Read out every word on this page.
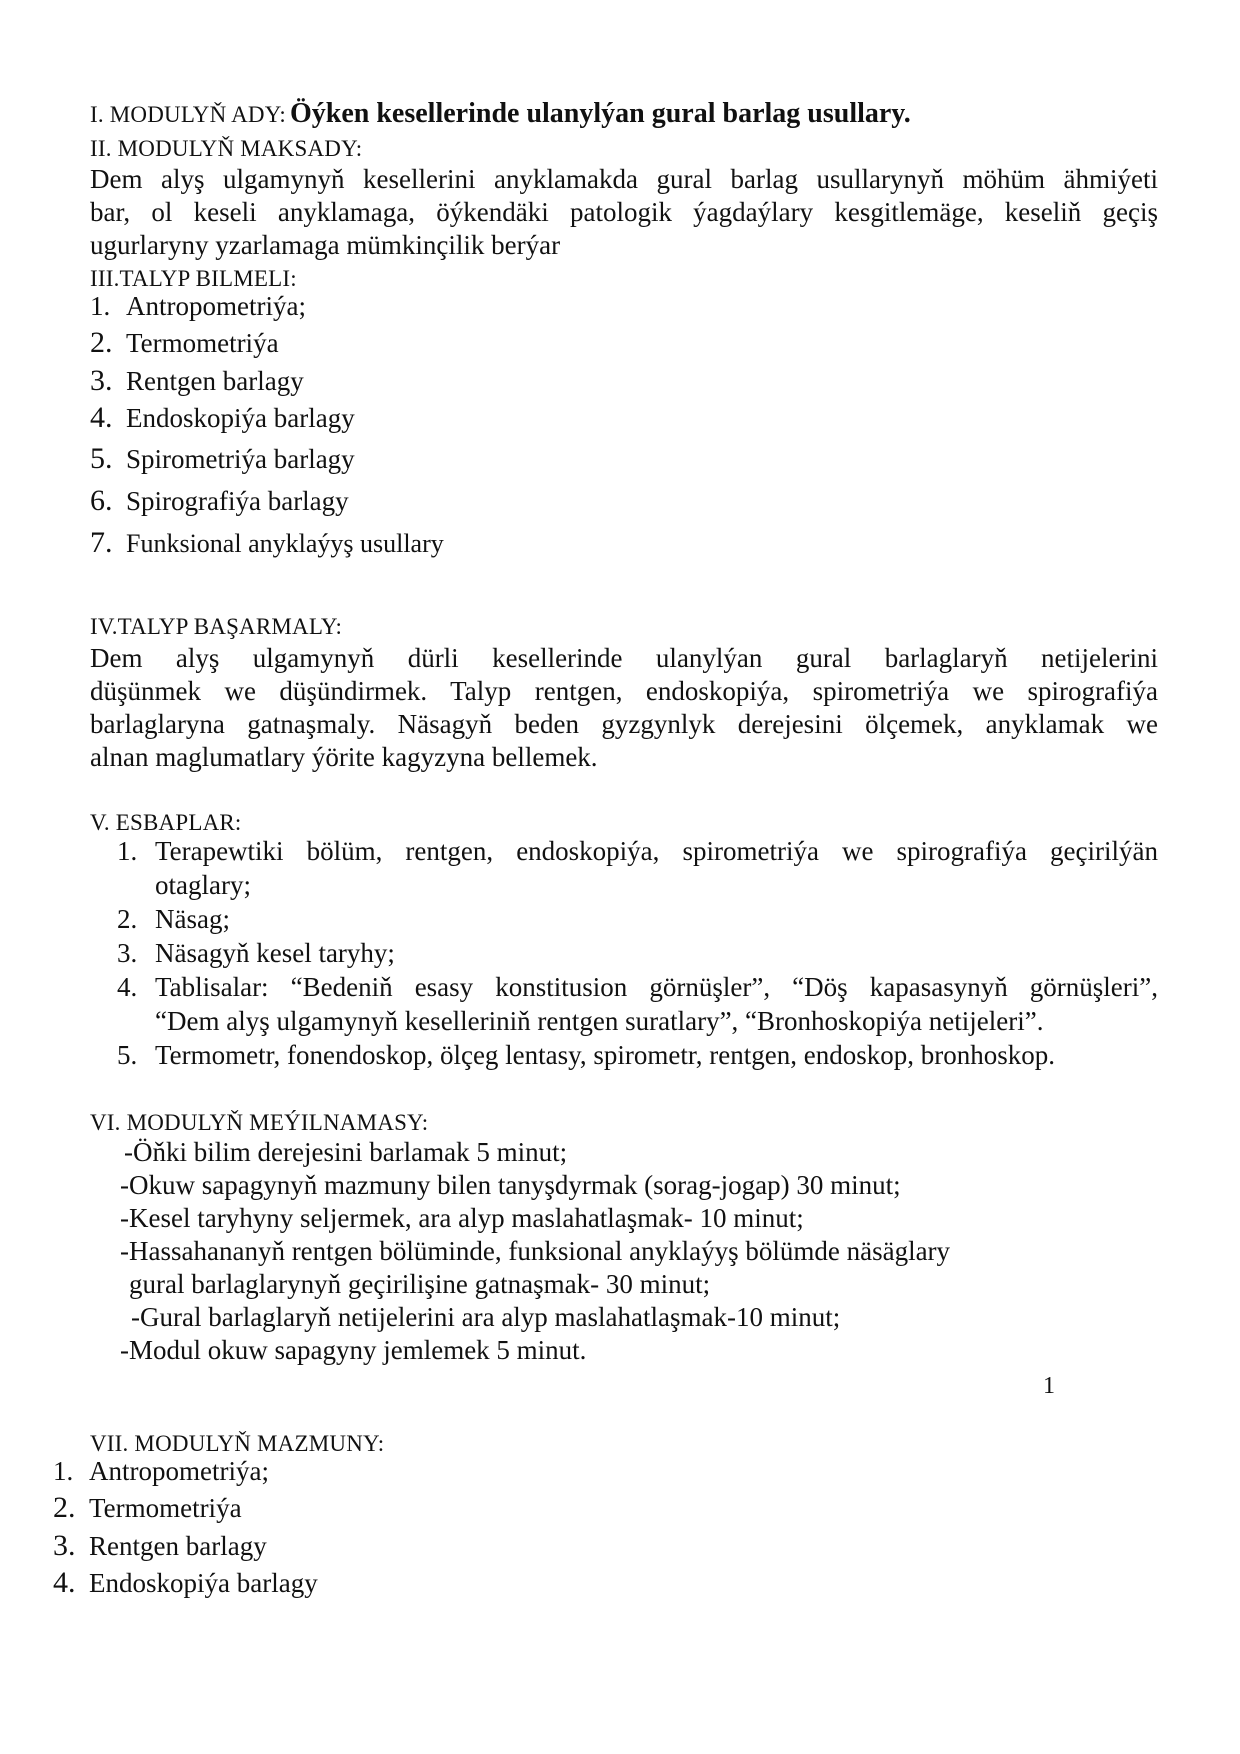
I. MODULYŇ ADY: Öýken kesellerinde ulanylýan gural barlag usullary.
II. MODULYŇ MAKSADY:
Dem alyş ulgamynyň kesellerini anyklamakda gural barlag usullarynyň möhüm ähmiýeti
bar, ol keseli anyklamaga, öýkendäki patologik ýagdaýlary kesgitlemäge, keseliň geçiş
ugurlaryny yzarlamaga mümkinçilik berýar
III.TALYP BILMELI:
1. Antropometriýa;
2. Termometriýa
3. Rentgen barlagy
4. Endoskopiýa barlagy
5. Spirometriýa barlagy
6. Spirografiýa barlagy
7. Funksional anyklaýyş usullary
IV.TALYP BAŞARMALY:
Dem alyş ulgamynyň dürli kesellerinde ulanylýan gural barlaglaryň netijelerini
düşünmek we düşündirmek. Talyp rentgen, endoskopiýa, spirometriýa we spirografiýa
barlaglaryna gatnaşmaly. Näsagyň beden gyzgynlyk derejesini ölçemek, anyklamak we
alnan maglumatlary ýörite kagyzyna bellemek.
V. ESBAPLAR:
1. Terapewtiki bölüm, rentgen, endoskopiýa, spirometriýa we spirografiýa geçirilýän
otaglary;
2. Näsag;
3. Näsagyň kesel taryhy;
4. Tablisalar: “Bedeniň esasy konstitusion görnüşler”, “Döş kapasasynyň görnüşleri”,
“Dem alyş ulgamynyň keselleriniň rentgen suratlary”, “Bronhoskopiýa netijeleri”.
5. Termometr, fonendoskop, ölçeg lentasy, spirometr, rentgen, endoskop, bronhoskop.
VI. MODULYŇ MEÝILNAMASY:
-Öňki bilim derejesini barlamak 5 minut;
-Okuw sapagynyň mazmuny bilen tanyşdyrmak (sorag-jogap) 30 minut;
-Kesel taryhyny seljermek, ara alyp maslahatlaşmak- 10 minut;
-Hassahananyň rentgen bölüminde, funksional anyklaýyş bölümde näsäglary
gural barlaglarynyň geçirilişine gatnaşmak- 30 minut;
-Gural barlaglaryň netijelerini ara alyp maslahatlaşmak-10 minut;
-Modul okuw sapagyny jemlemek 5 minut.
1
VII. MODULYŇ MAZMUNY:
1. Antropometriýa;
2. Termometriýa
3. Rentgen barlagy
4. Endoskopiýa barlagy
